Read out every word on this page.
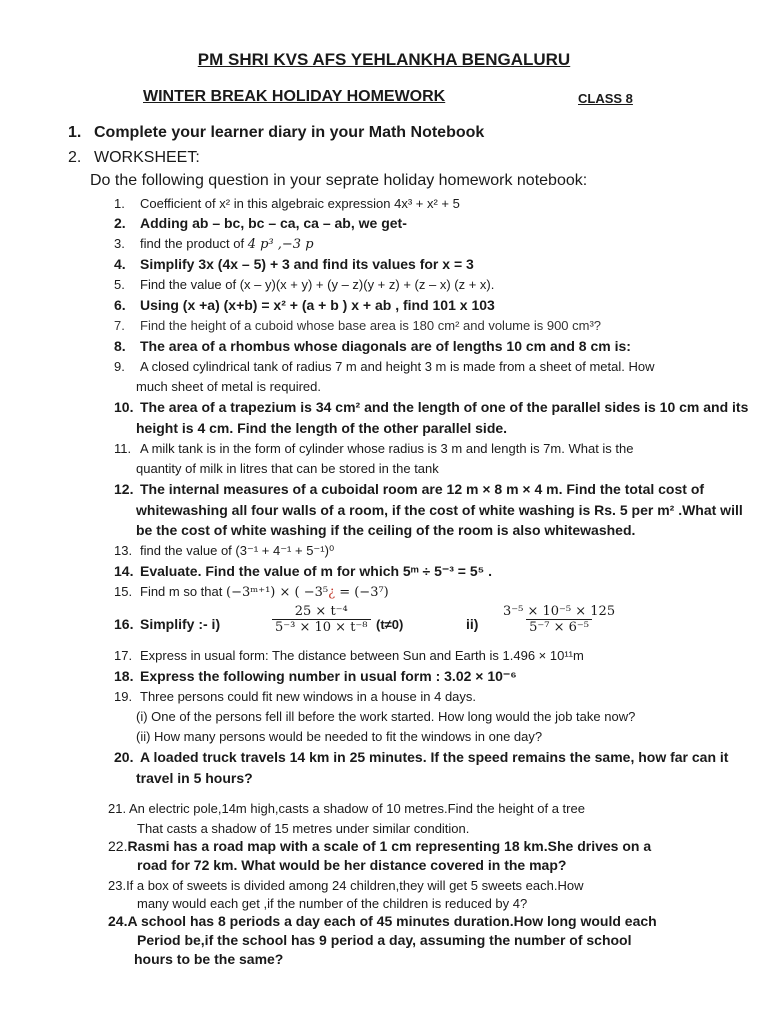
PM SHRI KVS AFS YEHLANKHA BENGALURU
WINTER BREAK HOLIDAY HOMEWORK	CLASS 8
1. Complete your learner diary in your Math Notebook
2. WORKSHEET:
Do the following question in your seprate holiday homework notebook:
1. Coefficient of x² in this algebraic expression 4x³ + x² + 5
2. Adding ab – bc, bc – ca, ca – ab, we get-
3. find the product of 4 p³ ,−3 p
4. Simplify 3x (4x – 5) + 3 and find its values for x = 3
5. Find the value of (x – y)(x + y) + (y – z)(y + z) + (z – x) (z + x).
6. Using (x +a) (x+b) = x² + (a + b ) x + ab , find 101 x 103
7. Find the height of a cuboid whose base area is 180 cm² and volume is 900 cm³?
8. The area of a rhombus whose diagonals are of lengths 10 cm and 8 cm is:
9. A closed cylindrical tank of radius 7 m and height 3 m is made from a sheet of metal. How
much sheet of metal is required.
10. The area of a trapezium is 34 cm² and the length of one of the parallel sides is 10 cm and its
height is 4 cm. Find the length of the other parallel side.
11. A milk tank is in the form of cylinder whose radius is 3 m and length is 7m. What is the
quantity of milk in litres that can be stored in the tank
12. The internal measures of a cuboidal room are 12 m × 8 m × 4 m. Find the total cost of
whitewashing all four walls of a room, if the cost of white washing is Rs. 5 per m² .What will
be the cost of white washing if the ceiling of the room is also whitewashed.
13. find the value of (3⁻¹ + 4⁻¹ + 5⁻¹)⁰
14. Evaluate. Find the value of m for which 5ᵐ ÷ 5⁻³ = 5⁵ .
15. Find m so that (−3ᵐ⁺¹) × ( −3⁵¿ = (−3⁷)
16. Simplify :- i)	$\frac{\text{25 × t⁻⁴}}{\text{5⁻³ × 10 × t⁻⁸}} (t\ne 0)$	$ii) \frac{\text{3⁻⁵ × 10⁻⁵ × 125}}{\text{5⁻⁷ × 6⁻⁵}}$
17. Express in usual form: The distance between Sun and Earth is 1.496 × 10¹¹m
18. Express the following number in usual form : 3.02 × 10⁻⁶
19. Three persons could fit new windows in a house in 4 days.
(i) One of the persons fell ill before the work started. How long would the job take now?
(ii) How many persons would be needed to fit the windows in one day?
20. A loaded truck travels 14 km in 25 minutes. If the speed remains the same, how far can it
travel in 5 hours?
21. An electric pole,14m high,casts a shadow of 10 metres.Find the height of a tree
That casts a shadow of 15 metres under similar condition.
22.Rasmi has a road map with a scale of 1 cm representing 18 km.She drives on a
road for 72 km. What would be her distance covered in the map?
23.If a box of sweets is divided among 24 children,they will get 5 sweets each.How
many would each get ,if the number of the children is reduced by 4?
24.A school has 8 periods a day each of 45 minutes duration.How long would each
Period be,if the school has 9 period a day, assuming the number of school
hours to be the same?
